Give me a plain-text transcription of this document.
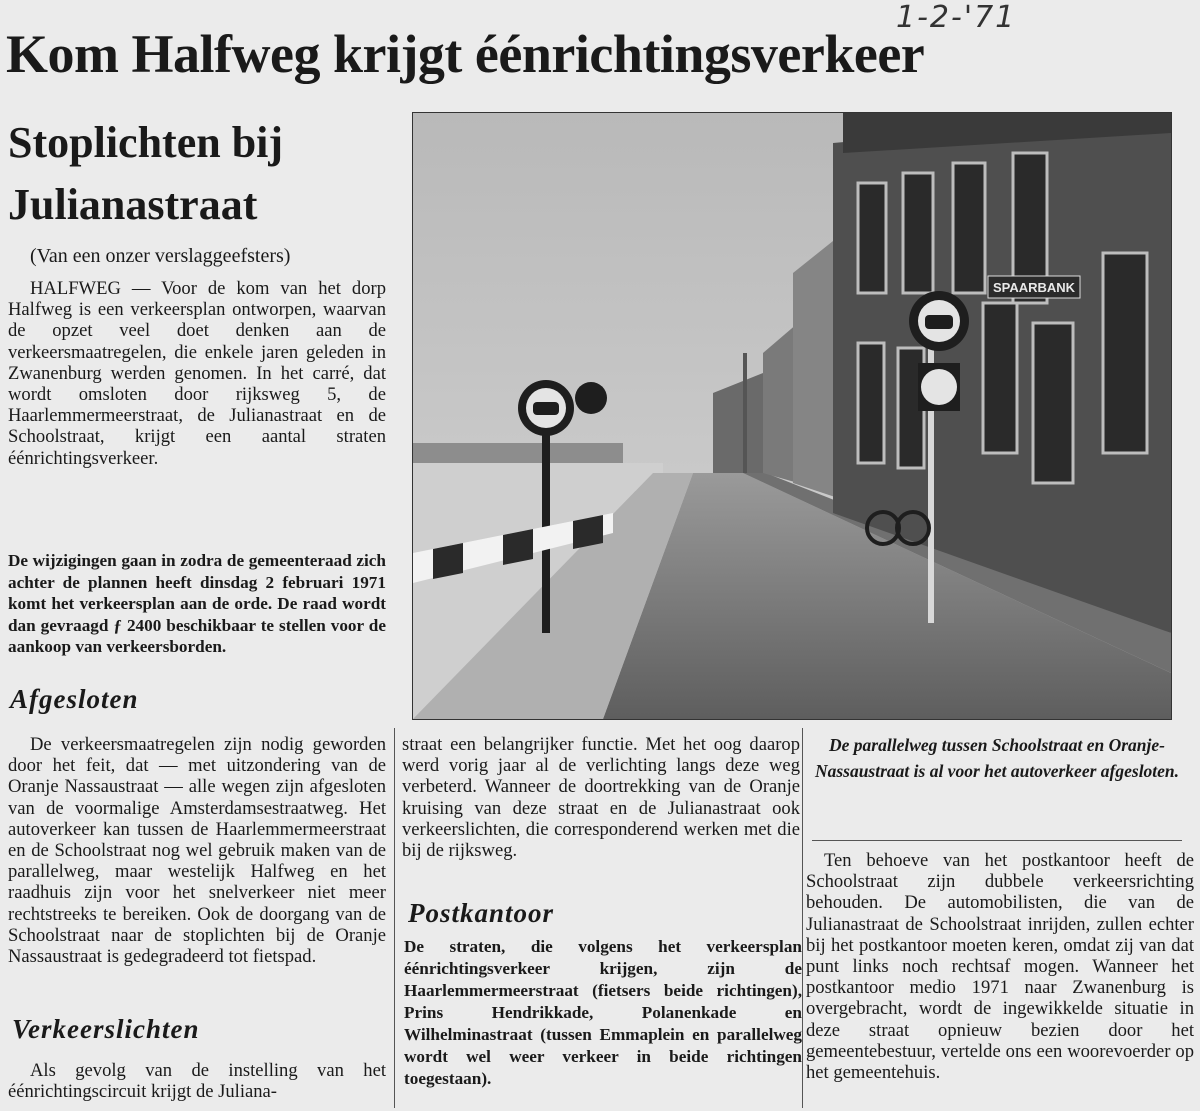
1-2-'71
Kom Halfweg krijgt éénrichtingsverkeer
Stoplichten bij Julianastraat
(Van een onzer verslaggeefsters)

HALFWEG — Voor de kom van het dorp Halfweg is een verkeersplan ontworpen, waarvan de opzet veel doet denken aan de verkeersmaatregelen, die enkele jaren geleden in Zwanenburg werden genomen. In het carré, dat wordt omsloten door rijksweg 5, de Haarlemmermeerstraat, de Julianastraat en de Schoolstraat, krijgt een aantal straten éénrichtingsverkeer.

De wijzigingen gaan in zodra de gemeenteraad zich achter de plannen heeft dinsdag 2 februari 1971 komt het verkeersplan aan de orde. De raad wordt dan gevraagd ƒ 2400 beschikbaar te stellen voor de aankoop van verkeersborden.

Afgesloten

De verkeersmaatregelen zijn nodig geworden door het feit, dat — met uitzondering van de Oranje Nassaustraat — alle wegen zijn afgesloten van de voormalige Amsterdamsestraatweg. Het autoverkeer kan tussen de Haarlemmermeerstraat en de Schoolstraat nog wel gebruik maken van de parallelweg, maar westelijk Halfweg en het raadhuis zijn voor het snelverkeer niet meer rechtstreeks te bereiken. Ook de doorgang van de Schoolstraat naar de stoplichten bij de Oranje Nassaustraat is gedegradeerd tot fietspad.

Verkeerslichten

Als gevolg van de instelling van het éénrichtingscircuit krijgt de Juliana-

straat een belangrijker functie. Met het oog daarop werd vorig jaar al de verlichting langs deze weg verbeterd. Wanneer de doortrekking van de Oranje kruising van deze straat en de Julianastraat ook verkeerslichten, die corresponderend werken met die bij de rijksweg.

Postkantoor

De straten, die volgens het verkeersplan éénrichtingsverkeer krijgen, zijn de Haarlemmermeerstraat (fietsers beide richtingen), Prins Hendrikkade, Polanenkade en Wilhelminastraat (tussen Emmaplein en parallelweg wordt wel weer verkeer in beide richtingen toegestaan).

De parallelweg tussen Schoolstraat en Oranje-Nassaustraat is al voor het autoverkeer afgesloten.

Ten behoeve van het postkantoor heeft de Schoolstraat zijn dubbele verkeersrichting behouden. De automobilisten, die van de Julianastraat de Schoolstraat inrijden, zullen echter bij het postkantoor moeten keren, omdat zij van dat punt links noch rechtsaf mogen. Wanneer het postkantoor medio 1971 naar Zwanenburg is overgebracht, wordt de ingewikkelde situatie in deze straat opnieuw bezien door het gemeentebestuur, vertelde ons een woorevoerder op het gemeentehuis.

SPAARBANK
